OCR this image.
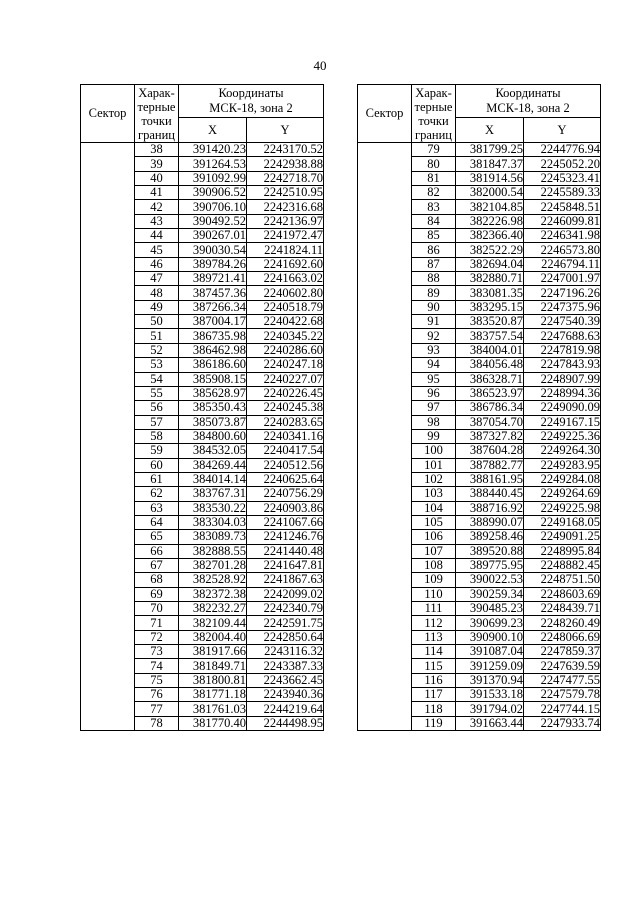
40
Сектор	Харак-
терные
точки
границ	Координаты
МСК-18, зона 2	
		X	Y
	38	391420.23	2243170.52
	39	391264.53	2242938.88
	40	391092.99	2242718.70
	41	390906.52	2242510.95
	42	390706.10	2242316.68
	43	390492.52	2242136.97
	44	390267.01	2241972.47
	45	390030.54	2241824.11
	46	389784.26	2241692.60
	47	389721.41	2241663.02
	48	387457.36	2240602.80
	49	387266.34	2240518.79
	50	387004.17	2240422.68
	51	386735.98	2240345.22
	52	386462.98	2240286.60
	53	386186.60	2240247.18
	54	385908.15	2240227.07
	55	385628.97	2240226.45
	56	385350.43	2240245.38
	57	385073.87	2240283.65
	58	384800.60	2240341.16
	59	384532.05	2240417.54
	60	384269.44	2240512.56
	61	384014.14	2240625.64
	62	383767.31	2240756.29
	63	383530.22	2240903.86
	64	383304.03	2241067.66
	65	383089.73	2241246.76
	66	382888.55	2241440.48
	67	382701.28	2241647.81
	68	382528.92	2241867.63
	69	382372.38	2242099.02
	70	382232.27	2242340.79
	71	382109.44	2242591.75
	72	382004.40	2242850.64
	73	381917.66	2243116.32
	74	381849.71	2243387.33
	75	381800.81	2243662.45
	76	381771.18	2243940.36
	77	381761.03	2244219.64
	78	381770.40	2244498.95
Сектор	Харак-
терные
точки
границ	Координаты
МСК-18, зона 2	
		X	Y
	79	381799.25	2244776.94
	80	381847.37	2245052.20
	81	381914.56	2245323.41
	82	382000.54	2245589.33
	83	382104.85	2245848.51
	84	382226.98	2246099.81
	85	382366.40	2246341.98
	86	382522.29	2246573.80
	87	382694.04	2246794.11
	88	382880.71	2247001.97
	89	383081.35	2247196.26
	90	383295.15	2247375.96
	91	383520.87	2247540.39
	92	383757.54	2247688.63
	93	384004.01	2247819.98
	94	384056.48	2247843.93
	95	386328.71	2248907.99
	96	386523.97	2248994.36
	97	386786.34	2249090.09
	98	387054.70	2249167.15
	99	387327.82	2249225.36
	100	387604.28	2249264.30
	101	387882.77	2249283.95
	102	388161.95	2249284.08
	103	388440.45	2249264.69
	104	388716.92	2249225.98
	105	388990.07	2249168.05
	106	389258.46	2249091.25
	107	389520.88	2248995.84
	108	389775.95	2248882.45
	109	390022.53	2248751.50
	110	390259.34	2248603.69
	111	390485.23	2248439.71
	112	390699.23	2248260.49
	113	390900.10	2248066.69
	114	391087.04	2247859.37
	115	391259.09	2247639.59
	116	391370.94	2247477.55
	117	391533.18	2247579.78
	118	391794.02	2247744.15
	119	391663.44	2247933.74
